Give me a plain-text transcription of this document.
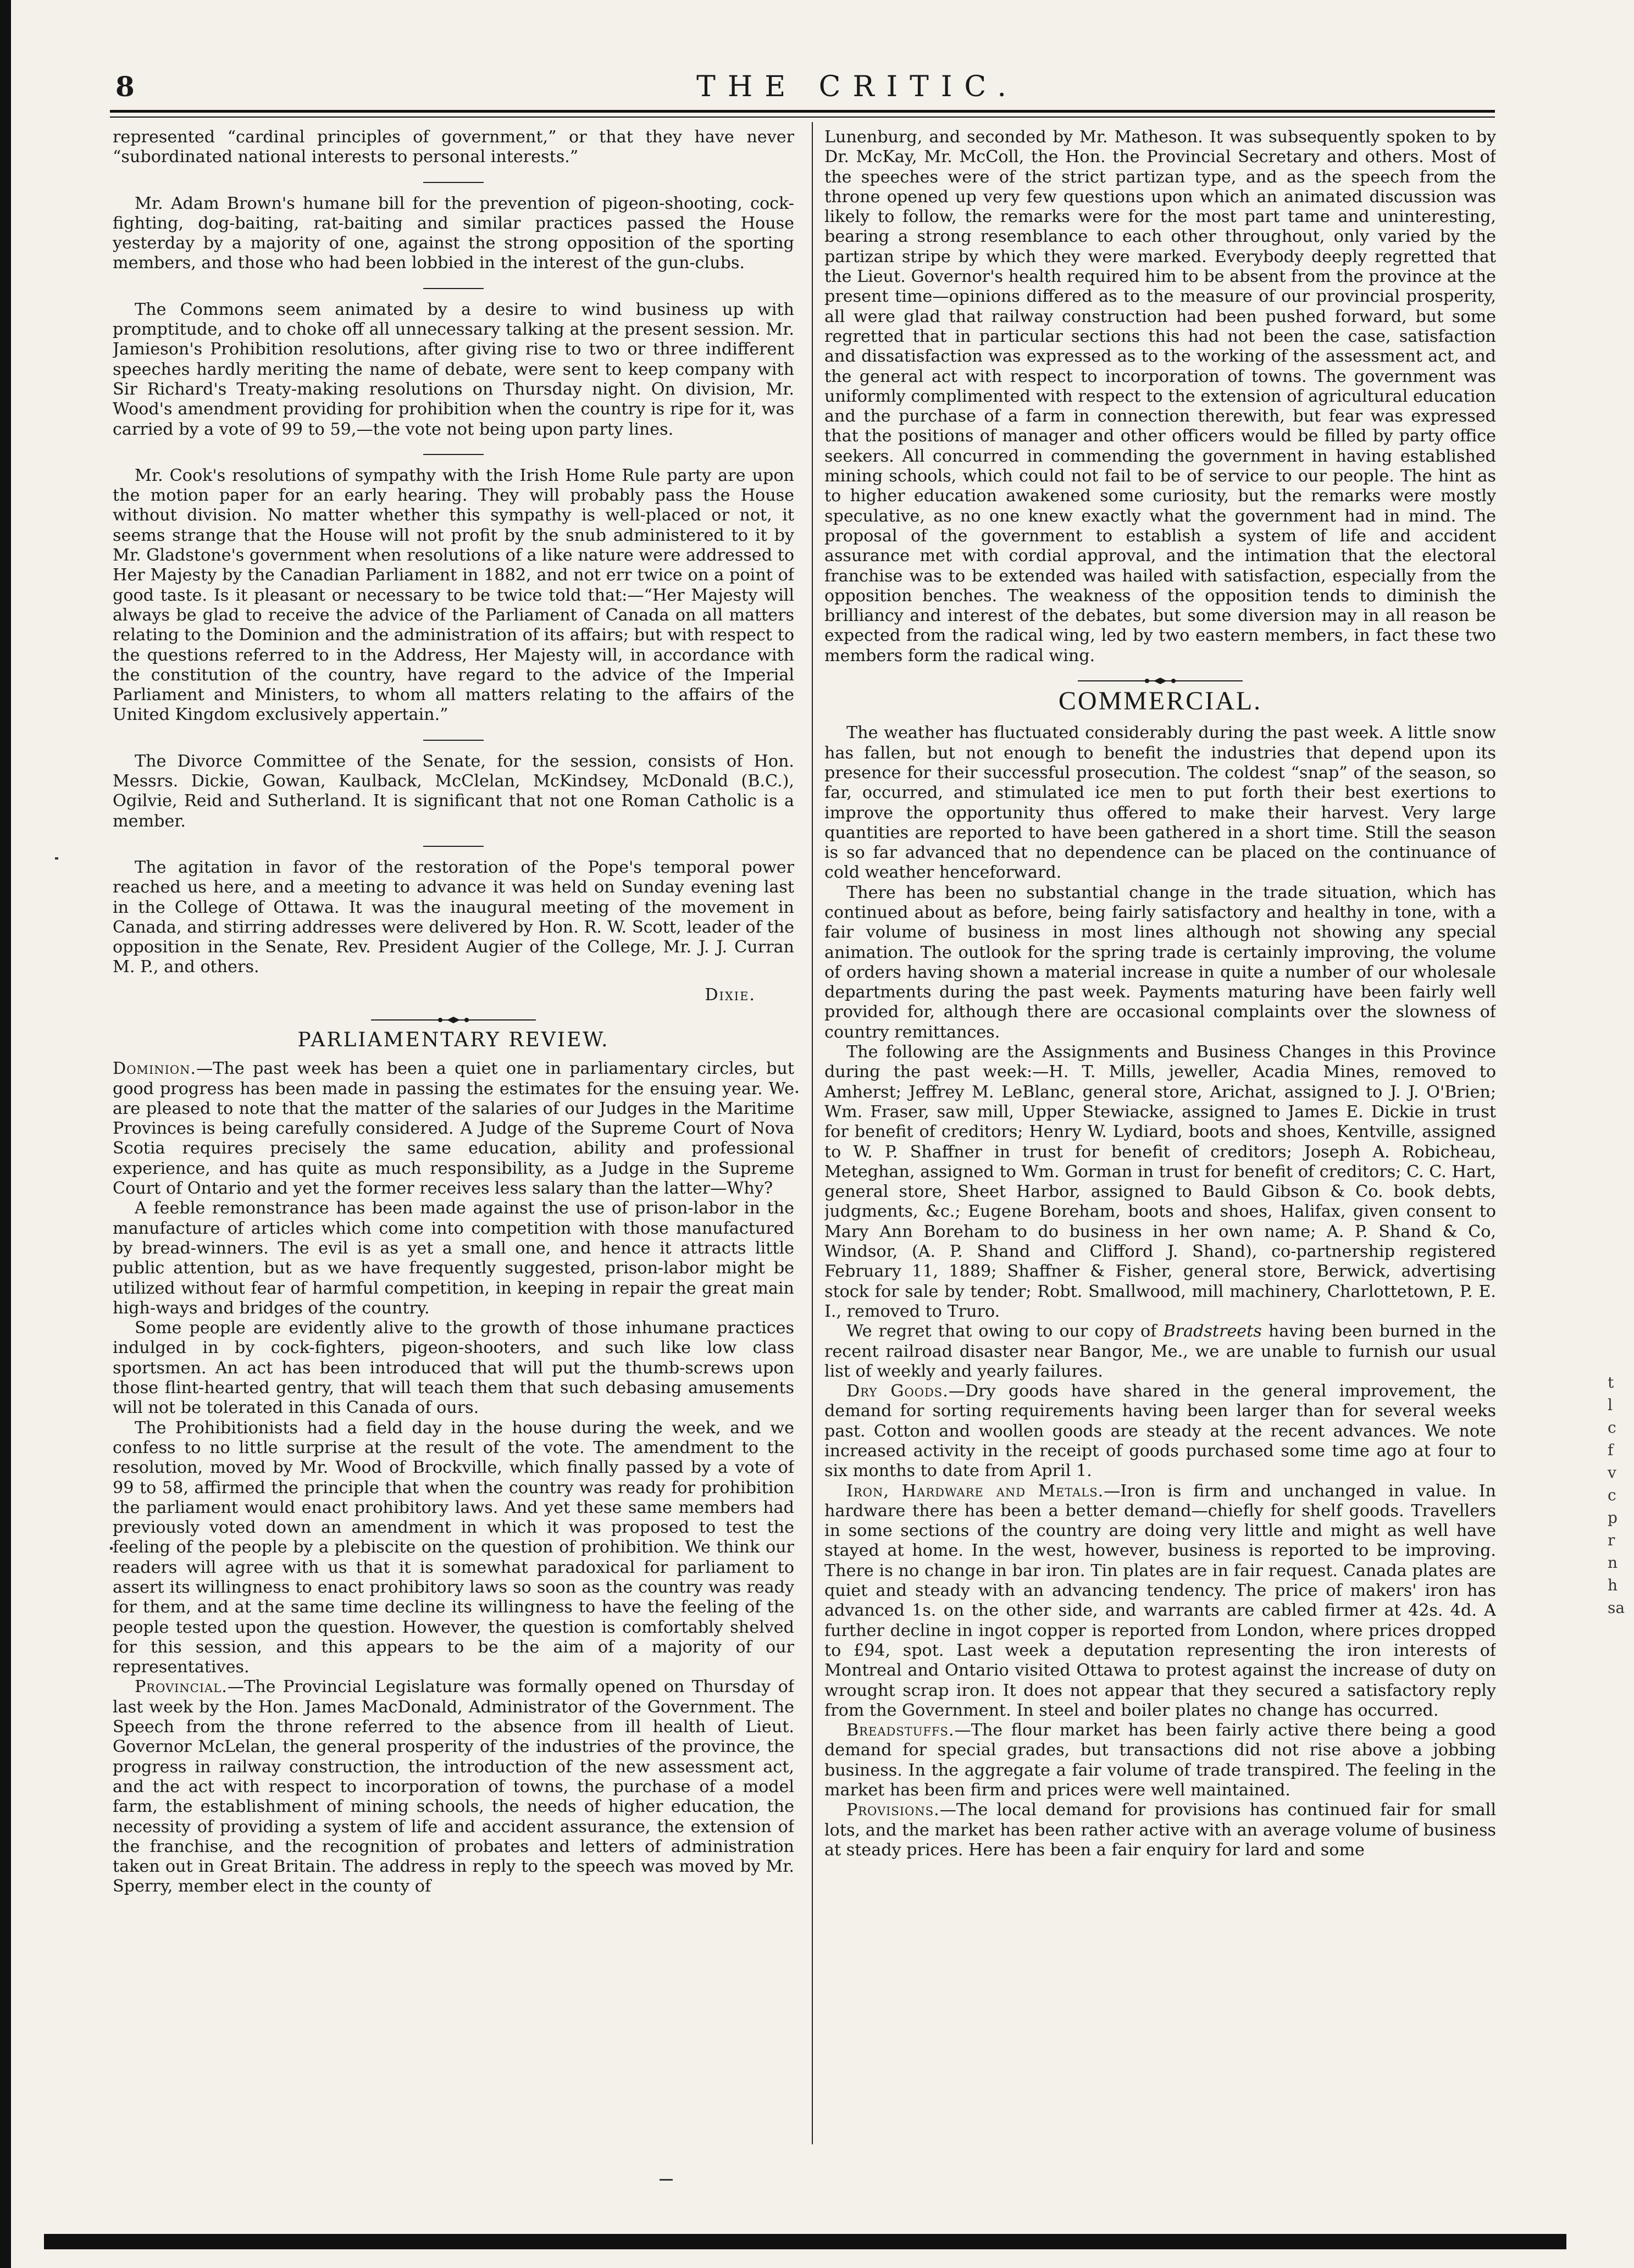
8	THE CRITIC.

represented “cardinal principles of government,” or that they have never “subordinated national interests to personal interests.”

Mr. Adam Brown's humane bill for the prevention of pigeon-shooting, cock-fighting, dog-baiting, rat-baiting and similar practices passed the House yesterday by a majority of one, against the strong opposition of the sporting members, and those who had been lobbied in the interest of the gun-clubs.

The Commons seem animated by a desire to wind business up with promptitude, and to choke off all unnecessary talking at the present session. Mr. Jamieson's Prohibition resolutions, after giving rise to two or three indifferent speeches hardly meriting the name of debate, were sent to keep company with Sir Richard's Treaty-making resolutions on Thursday night. On division, Mr. Wood's amendment providing for prohibition when the country is ripe for it, was carried by a vote of 99 to 59,—the vote not being upon party lines.

Mr. Cook's resolutions of sympathy with the Irish Home Rule party are upon the motion paper for an early hearing. They will probably pass the House without division. No matter whether this sympathy is well-placed or not, it seems strange that the House will not profit by the snub administered to it by Mr. Gladstone's government when resolutions of a like nature were addressed to Her Majesty by the Canadian Parliament in 1882, and not err twice on a point of good taste. Is it pleasant or necessary to be twice told that:—“Her Majesty will always be glad to receive the advice of the Parliament of Canada on all matters relating to the Dominion and the administration of its affairs; but with respect to the questions referred to in the Address, Her Majesty will, in accordance with the constitution of the country, have regard to the advice of the Imperial Parliament and Ministers, to whom all matters relating to the affairs of the United Kingdom exclusively appertain.”

The Divorce Committee of the Senate, for the session, consists of Hon. Messrs. Dickie, Gowan, Kaulback, McClelan, McKindsey, McDonald (B.C.), Ogilvie, Reid and Sutherland. It is significant that not one Roman Catholic is a member.

The agitation in favor of the restoration of the Pope's temporal power reached us here, and a meeting to advance it was held on Sunday evening last in the College of Ottawa. It was the inaugural meeting of the movement in Canada, and stirring addresses were delivered by Hon. R. W. Scott, leader of the opposition in the Senate, Rev. President Augier of the College, Mr. J. J. Curran M. P., and others.

Dixie.
PARLIAMENTARY REVIEW.

Dominion.—The past week has been a quiet one in parliamentary circles, but good progress has been made in passing the estimates for the ensuing year. We are pleased to note that the matter of the salaries of our Judges in the Maritime Provinces is being carefully considered. A Judge of the Supreme Court of Nova Scotia requires precisely the same education, ability and professional experience, and has quite as much responsibility, as a Judge in the Supreme Court of Ontario and yet the former receives less salary than the latter—Why?

A feeble remonstrance has been made against the use of prison-labor in the manufacture of articles which come into competition with those manufactured by bread-winners. The evil is as yet a small one, and hence it attracts little public attention, but as we have frequently suggested, prison-labor might be utilized without fear of harmful competition, in keeping in repair the great main high-ways and bridges of the country.

Some people are evidently alive to the growth of those inhumane practices indulged in by cock-fighters, pigeon-shooters, and such like low class sportsmen. An act has been introduced that will put the thumb-screws upon those flint-hearted gentry, that will teach them that such debasing amusements will not be tolerated in this Canada of ours.

The Prohibitionists had a field day in the house during the week, and we confess to no little surprise at the result of the vote. The amendment to the resolution, moved by Mr. Wood of Brockville, which finally passed by a vote of 99 to 58, affirmed the principle that when the country was ready for prohibition the parliament would enact prohibitory laws. And yet these same members had previously voted down an amendment in which it was proposed to test the feeling of the people by a plebiscite on the question of prohibition. We think our readers will agree with us that it is somewhat paradoxical for parliament to assert its willingness to enact prohibitory laws so soon as the country was ready for them, and at the same time decline its willingness to have the feeling of the people tested upon the question. However, the question is comfortably shelved for this session, and this appears to be the aim of a majority of our representatives.

Provincial.—The Provincial Legislature was formally opened on Thursday of last week by the Hon. James MacDonald, Administrator of the Government. The Speech from the throne referred to the absence from ill health of Lieut. Governor McLelan, the general prosperity of the industries of the province, the progress in railway construction, the introduction of the new assessment act, and the act with respect to incorporation of towns, the purchase of a model farm, the establishment of mining schools, the needs of higher education, the necessity of providing a system of life and accident assurance, the extension of the franchise, and the recognition of probates and letters of administration taken out in Great Britain. The address in reply to the speech was moved by Mr. Sperry, member elect in the county of

Lunenburg, and seconded by Mr. Matheson. It was subsequently spoken to by Dr. McKay, Mr. McColl, the Hon. the Provincial Secretary and others. Most of the speeches were of the strict partizan type, and as the speech from the throne opened up very few questions upon which an animated discussion was likely to follow, the remarks were for the most part tame and uninteresting, bearing a strong resemblance to each other throughout, only varied by the partizan stripe by which they were marked. Everybody deeply regretted that the Lieut. Governor's health required him to be absent from the province at the present time—opinions differed as to the measure of our provincial prosperity, all were glad that railway construction had been pushed forward, but some regretted that in particular sections this had not been the case, satisfaction and dissatisfaction was expressed as to the working of the assessment act, and the general act with respect to incorporation of towns. The government was uniformly complimented with respect to the extension of agricultural education and the purchase of a farm in connection therewith, but fear was expressed that the positions of manager and other officers would be filled by party office seekers. All concurred in commending the government in having established mining schools, which could not fail to be of service to our people. The hint as to higher education awakened some curiosity, but the remarks were mostly speculative, as no one knew exactly what the government had in mind. The proposal of the government to establish a system of life and accident assurance met with cordial approval, and the intimation that the electoral franchise was to be extended was hailed with satisfaction, especially from the opposition benches. The weakness of the opposition tends to diminish the brilliancy and interest of the debates, but some diversion may in all reason be expected from the radical wing, led by two eastern members, in fact these two members form the radical wing.

COMMERCIAL.

The weather has fluctuated considerably during the past week. A little snow has fallen, but not enough to benefit the industries that depend upon its presence for their successful prosecution. The coldest “snap” of the season, so far, occurred, and stimulated ice men to put forth their best exertions to improve the opportunity thus offered to make their harvest. Very large quantities are reported to have been gathered in a short time. Still the season is so far advanced that no dependence can be placed on the continuance of cold weather henceforward.

There has been no substantial change in the trade situation, which has continued about as before, being fairly satisfactory and healthy in tone, with a fair volume of business in most lines although not showing any special animation. The outlook for the spring trade is certainly improving, the volume of orders having shown a material increase in quite a number of our wholesale departments during the past week. Payments maturing have been fairly well provided for, although there are occasional complaints over the slowness of country remittances.

The following are the Assignments and Business Changes in this Province during the past week:—H. T. Mills, jeweller, Acadia Mines, removed to Amherst; Jeffrey M. LeBlanc, general store, Arichat, assigned to J. J. O'Brien; Wm. Fraser, saw mill, Upper Stewiacke, assigned to James E. Dickie in trust for benefit of creditors; Henry W. Lydiard, boots and shoes, Kentville, assigned to W. P. Shaffner in trust for benefit of creditors; Joseph A. Robicheau, Meteghan, assigned to Wm. Gorman in trust for benefit of creditors; C. C. Hart, general store, Sheet Harbor, assigned to Bauld Gibson & Co. book debts, judgments, &c.; Eugene Boreham, boots and shoes, Halifax, given consent to Mary Ann Boreham to do business in her own name; A. P. Shand & Co, Windsor, (A. P. Shand and Clifford J. Shand), co-partnership registered February 11, 1889; Shaffner & Fisher, general store, Berwick, advertising stock for sale by tender; Robt. Smallwood, mill machinery, Charlottetown, P. E. I., removed to Truro.

We regret that owing to our copy of Bradstreets having been burned in the recent railroad disaster near Bangor, Me., we are unable to furnish our usual list of weekly and yearly failures.

Dry Goods.—Dry goods have shared in the general improvement, the demand for sorting requirements having been larger than for several weeks past. Cotton and woollen goods are steady at the recent advances. We note increased activity in the receipt of goods purchased some time ago at four to six months to date from April 1.

Iron, Hardware and Metals.—Iron is firm and unchanged in value. In hardware there has been a better demand—chiefly for shelf goods. Travellers in some sections of the country are doing very little and might as well have stayed at home. In the west, however, business is reported to be improving. There is no change in bar iron. Tin plates are in fair request. Canada plates are quiet and steady with an advancing tendency. The price of makers' iron has advanced 1s. on the other side, and warrants are cabled firmer at 42s. 4d. A further decline in ingot copper is reported from London, where prices dropped to £94, spot. Last week a deputation representing the iron interests of Montreal and Ontario visited Ottawa to protest against the increase of duty on wrought scrap iron. It does not appear that they secured a satisfactory reply from the Government. In steel and boiler plates no change has occurred.

Breadstuffs.—The flour market has been fairly active there being a good demand for special grades, but transactions did not rise above a jobbing business. In the aggregate a fair volume of trade transpired. The feeling in the market has been firm and prices were well maintained.

Provisions.—The local demand for provisions has continued fair for small lots, and the market has been rather active with an average volume of business at steady prices. Here has been a fair enquiry for lard and some

t
l
c
f
v
c
p
r
n
h
sa
